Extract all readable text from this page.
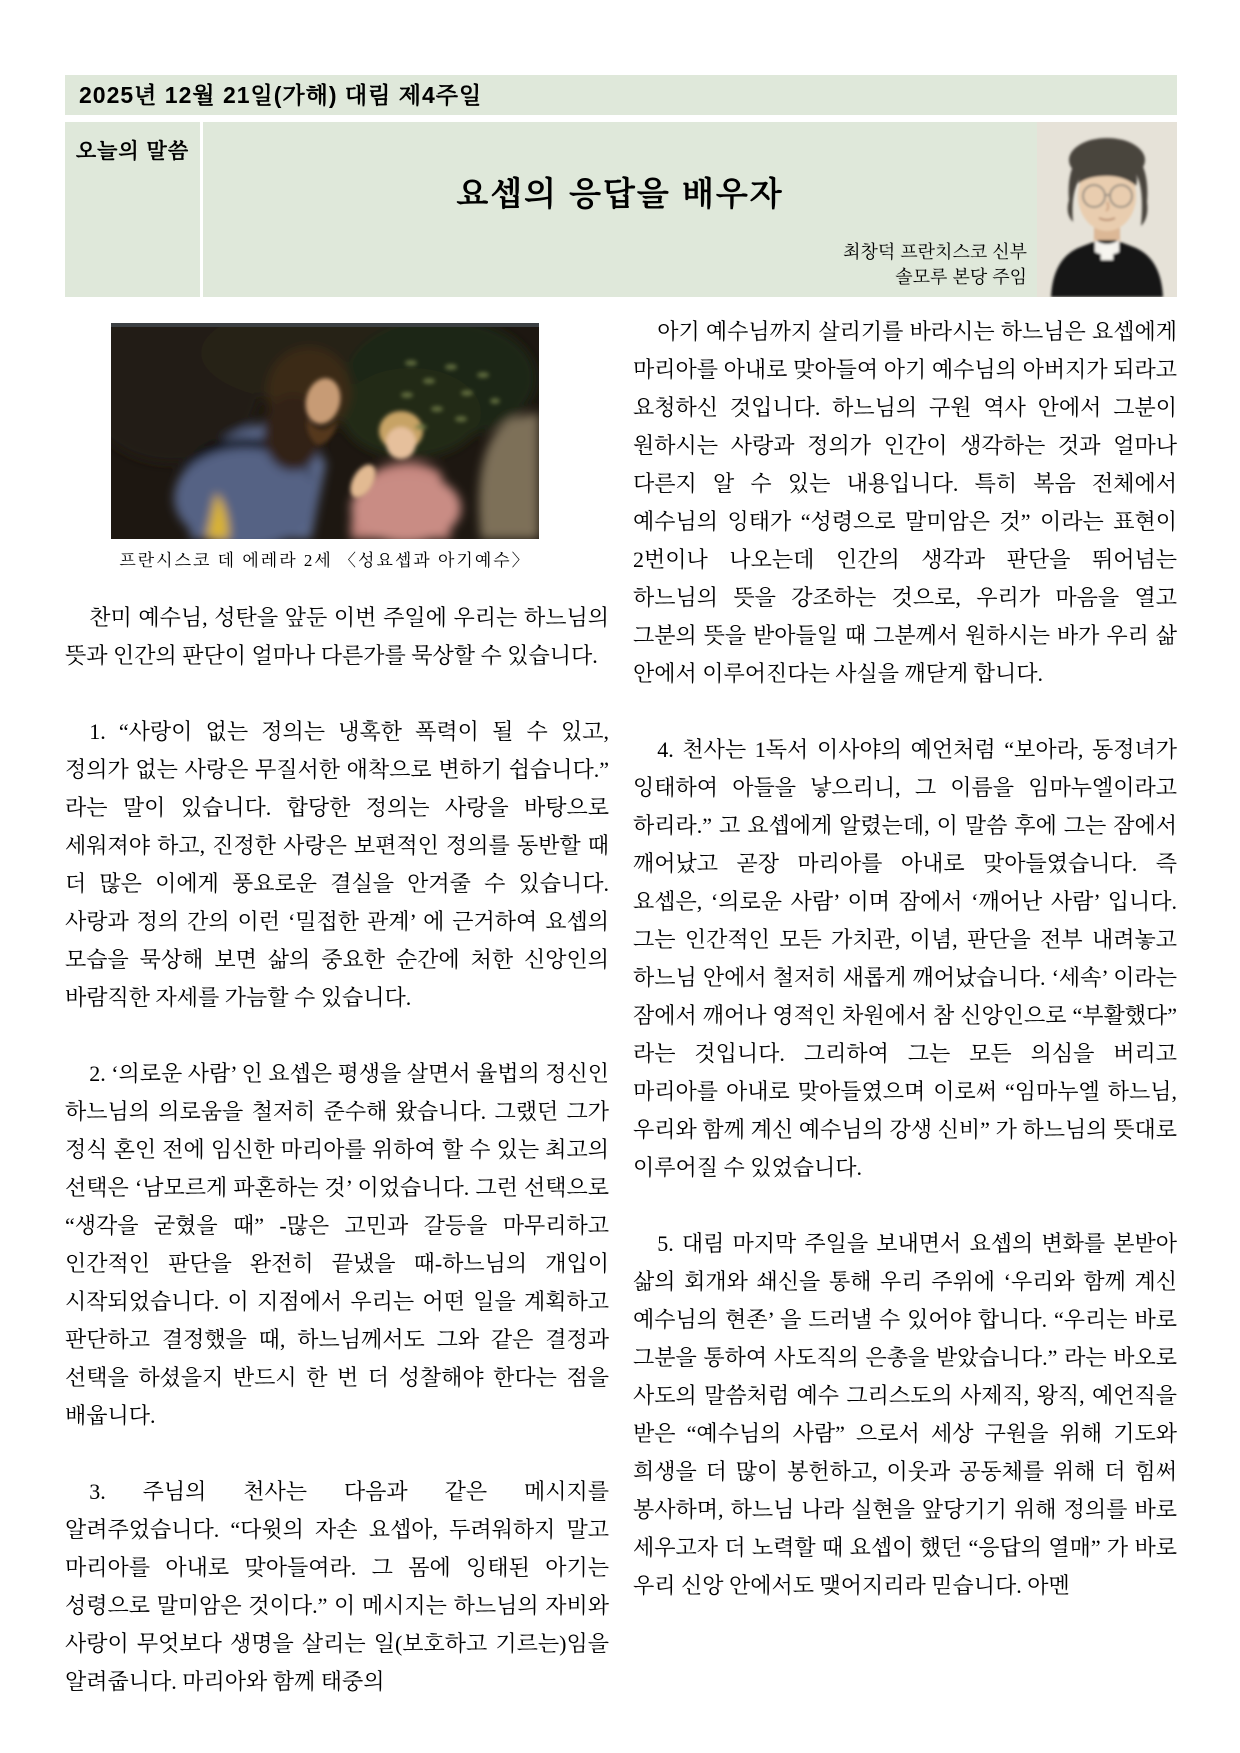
2025년 12월 21일(가해) 대림 제4주일
오늘의 말씀
요셉의 응답을 배우자
최창덕 프란치스코 신부
솔모루 본당 주임
프란시스코 데 에레라 2세 〈성요셉과 아기예수〉

찬미 예수님, 성탄을 앞둔 이번 주일에 우리는 하느님의 뜻과 인간의 판단이 얼마나 다른가를 묵상할 수 있습니다.

1. “사랑이 없는 정의는 냉혹한 폭력이 될 수 있고, 정의가 없는 사랑은 무질서한 애착으로 변하기 쉽습니다.” 라는 말이 있습니다. 합당한 정의는 사랑을 바탕으로 세워져야 하고, 진정한 사랑은 보편적인 정의를 동반할 때 더 많은 이에게 풍요로운 결실을 안겨줄 수 있습니다. 사랑과 정의 간의 이런 ‘밀접한 관계’ 에 근거하여 요셉의 모습을 묵상해 보면 삶의 중요한 순간에 처한 신앙인의 바람직한 자세를 가늠할 수 있습니다.

2. ‘의로운 사람’ 인 요셉은 평생을 살면서 율법의 정신인 하느님의 의로움을 철저히 준수해 왔습니다. 그랬던 그가 정식 혼인 전에 임신한 마리아를 위하여 할 수 있는 최고의 선택은 ‘남모르게 파혼하는 것’ 이었습니다. 그런 선택으로 “생각을 굳혔을 때” -많은 고민과 갈등을 마무리하고 인간적인 판단을 완전히 끝냈을 때-하느님의 개입이 시작되었습니다. 이 지점에서 우리는 어떤 일을 계획하고 판단하고 결정했을 때, 하느님께서도 그와 같은 결정과 선택을 하셨을지 반드시 한 번 더 성찰해야 한다는 점을 배웁니다.

3. 주님의 천사는 다음과 같은 메시지를 알려주었습니다. “다윗의 자손 요셉아, 두려워하지 말고 마리아를 아내로 맞아들여라. 그 몸에 잉태된 아기는 성령으로 말미암은 것이다.” 이 메시지는 하느님의 자비와 사랑이 무엇보다 생명을 살리는 일(보호하고 기르는)임을 알려줍니다. 마리아와 함께 태중의

아기 예수님까지 살리기를 바라시는 하느님은 요셉에게 마리아를 아내로 맞아들여 아기 예수님의 아버지가 되라고 요청하신 것입니다. 하느님의 구원 역사 안에서 그분이 원하시는 사랑과 정의가 인간이 생각하는 것과 얼마나 다른지 알 수 있는 내용입니다. 특히 복음 전체에서 예수님의 잉태가 “성령으로 말미암은 것” 이라는 표현이 2번이나 나오는데 인간의 생각과 판단을 뛰어넘는 하느님의 뜻을 강조하는 것으로, 우리가 마음을 열고 그분의 뜻을 받아들일 때 그분께서 원하시는 바가 우리 삶 안에서 이루어진다는 사실을 깨닫게 합니다.

4. 천사는 1독서 이사야의 예언처럼 “보아라, 동정녀가 잉태하여 아들을 낳으리니, 그 이름을 임마누엘이라고 하리라.” 고 요셉에게 알렸는데, 이 말씀 후에 그는 잠에서 깨어났고 곧장 마리아를 아내로 맞아들였습니다. 즉 요셉은, ‘의로운 사람’ 이며 잠에서 ‘깨어난 사람’ 입니다. 그는 인간적인 모든 가치관, 이념, 판단을 전부 내려놓고 하느님 안에서 철저히 새롭게 깨어났습니다. ‘세속’ 이라는 잠에서 깨어나 영적인 차원에서 참 신앙인으로 “부활했다” 라는 것입니다. 그리하여 그는 모든 의심을 버리고 마리아를 아내로 맞아들였으며 이로써 “임마누엘 하느님, 우리와 함께 계신 예수님의 강생 신비” 가 하느님의 뜻대로 이루어질 수 있었습니다.

5. 대림 마지막 주일을 보내면서 요셉의 변화를 본받아 삶의 회개와 쇄신을 통해 우리 주위에 ‘우리와 함께 계신 예수님의 현존’ 을 드러낼 수 있어야 합니다. “우리는 바로 그분을 통하여 사도직의 은총을 받았습니다.” 라는 바오로 사도의 말씀처럼 예수 그리스도의 사제직, 왕직, 예언직을 받은 “예수님의 사람” 으로서 세상 구원을 위해 기도와 희생을 더 많이 봉헌하고, 이웃과 공동체를 위해 더 힘써 봉사하며, 하느님 나라 실현을 앞당기기 위해 정의를 바로 세우고자 더 노력할 때 요셉이 했던 “응답의 열매” 가 바로 우리 신앙 안에서도 맺어지리라 믿습니다. 아멘
